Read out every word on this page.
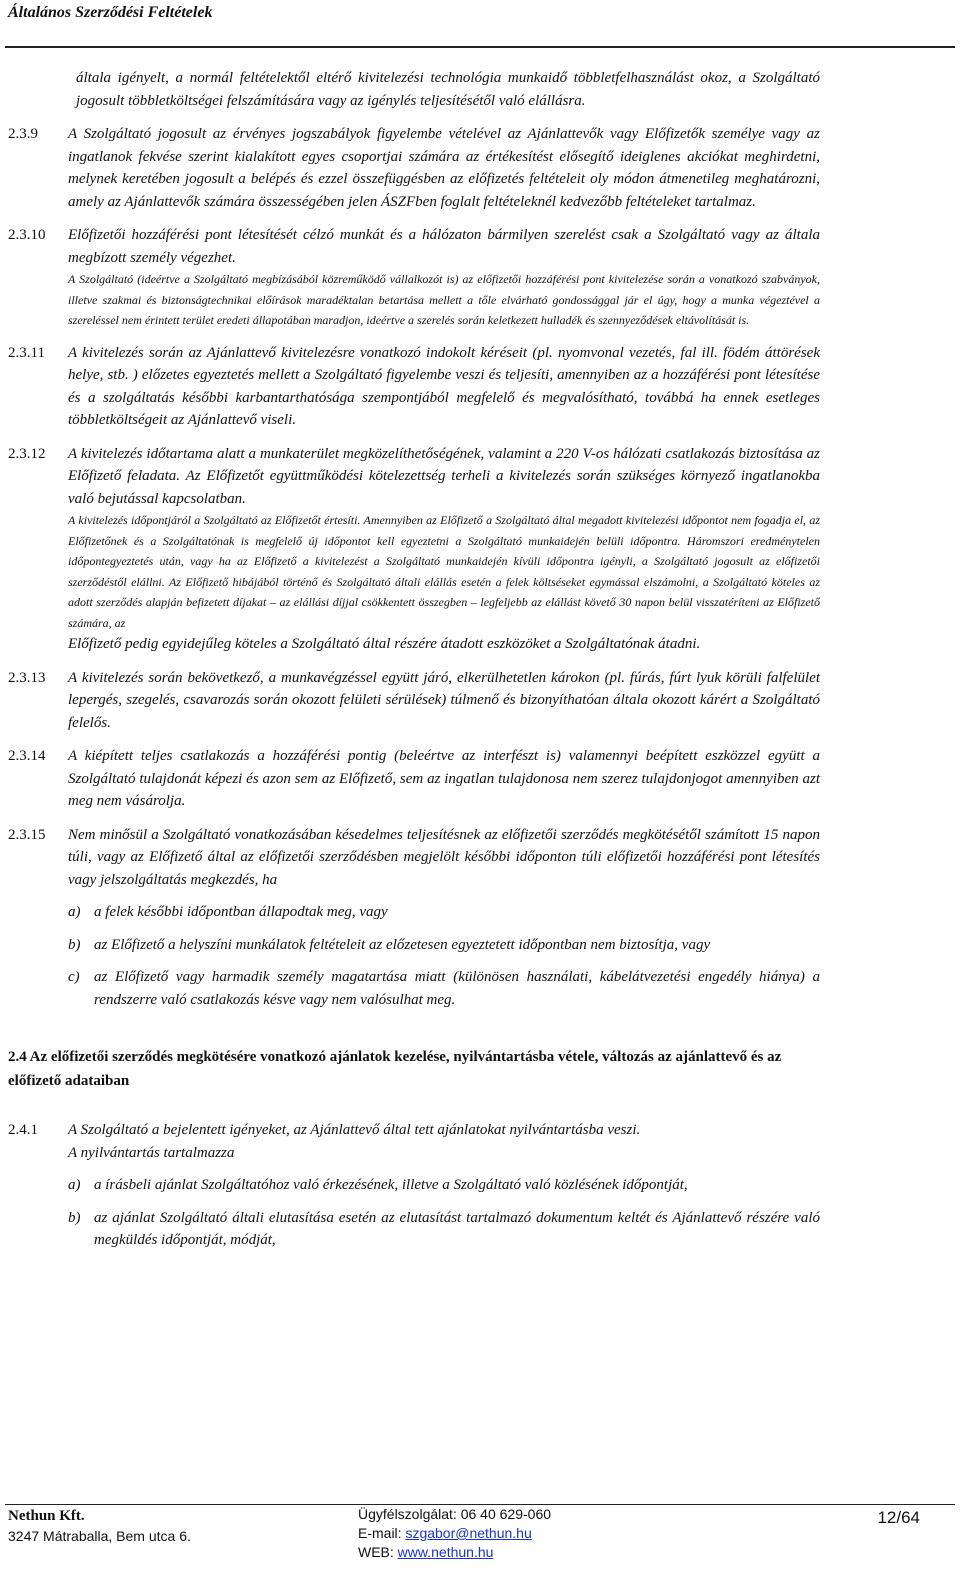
Általános Szerződési Feltételek

általa igényelt, a normál feltételektől eltérő kivitelezési technológia munkaidő többletfelhasználást okoz, a Szolgáltató jogosult többletköltségei felszámítására vagy az igénylés teljesítésétől való elállásra.

2.3.9	A Szolgáltató jogosult az érvényes jogszabályok figyelembe vételével az Ajánlattevők vagy Előfizetők személye vagy az ingatlanok fekvése szerint kialakított egyes csoportjai számára az értékesítést elősegítő ideiglenes akciókat meghirdetni, melynek keretében jogosult a belépés és ezzel összefüggésben az előfizetés feltételeit oly módon átmenetileg meghatározni, amely az Ajánlattevők számára összességében jelen ÁSZFben foglalt feltételeknél kedvezőbb feltételeket tartalmaz.

2.3.10	Előfizetői hozzáférési pont létesítését célzó munkát és a hálózaton bármilyen szerelést csak a Szolgáltató vagy az általa megbízott személy végezhet.

A Szolgáltató (ideértve a Szolgáltató megbízásából közreműködő vállalkozót is) az előfizetői hozzáférési pont kivitelezése során a vonatkozó szabványok, illetve szakmai és biztonságtechnikai előírások maradéktalan betartása mellett a tőle elvárható gondossággal jár el úgy, hogy a munka végeztével a szereléssel nem érintett terület eredeti állapotában maradjon, ideértve a szerelés során keletkezett hulladék és szennyeződések eltávolítását is.

2.3.11	A kivitelezés során az Ajánlattevő kivitelezésre vonatkozó indokolt kéréseit (pl. nyomvonal vezetés, fal ill. födém áttörések helye, stb. ) előzetes egyeztetés mellett a Szolgáltató figyelembe veszi és teljesíti, amennyiben az a hozzáférési pont létesítése és a szolgáltatás későbbi karbantarthatósága szempontjából megfelelő és megvalósítható, továbbá ha ennek esetleges többletköltségeit az Ajánlattevő viseli.

2.3.12	A kivitelezés időtartama alatt a munkaterület megközelíthetőségének, valamint a 220 V-os hálózati csatlakozás biztosítása az Előfizető feladata. Az Előfizetőt együttműködési kötelezettség terheli a kivitelezés során szükséges környező ingatlanokba való bejutással kapcsolatban.

A kivitelezés időpontjáról a Szolgáltató az Előfizetőt értesíti. Amennyiben az Előfizető a Szolgáltató által megadott kivitelezési időpontot nem fogadja el, az Előfizetőnek és a Szolgáltatónak is megfelelő új időpontot kell egyeztetni a Szolgáltató munkaidején belüli időpontra. Háromszori eredménytelen időpontegyeztetés után, vagy ha az Előfizető a kivitelezést a Szolgáltató munkaidején kívüli időpontra igényli, a Szolgáltató jogosult az előfizetői szerződéstől elállni. Az Előfizető hibájából történő és Szolgáltató általi elállás esetén a felek költséseket egymással elszámolni, a Szolgáltató köteles az adott szerződés alapján befizetett díjakat – az elállási díjjal csökkentett összegben – legfeljebb az elállást követő 30 napon belül visszatéríteni az Előfizető számára, az

Előfizető pedig egyidejűleg köteles a Szolgáltató által részére átadott eszközöket a Szolgáltatónak átadni.

2.3.13	A kivitelezés során bekövetkező, a munkavégzéssel együtt járó, elkerülhetetlen károkon (pl. fúrás, fúrt lyuk körüli falfelület lepergés, szegelés, csavarozás során okozott felületi sérülések) túlmenő és bizonyíthatóan általa okozott kárért a Szolgáltató felelős.

2.3.14	A kiépített teljes csatlakozás a hozzáférési pontig (beleértve az interfészt is) valamennyi beépített eszközzel együtt a Szolgáltató tulajdonát képezi és azon sem az Előfizető, sem az ingatlan tulajdonosa nem szerez tulajdonjogot amennyiben azt meg nem vásárolja.

2.3.15	Nem minősül a Szolgáltató vonatkozásában késedelmes teljesítésnek az előfizetői szerződés megkötésétől számított 15 napon túli, vagy az Előfizető által az előfizetői szerződésben megjelölt későbbi időponton túli előfizetői hozzáférési pont létesítés vagy jelszolgáltatás megkezdés, ha

a) a felek későbbi időpontban állapodtak meg, vagy

b) az Előfizető a helyszíni munkálatok feltételeit az előzetesen egyeztetett időpontban nem biztosítja, vagy

c) az Előfizető vagy harmadik személy magatartása miatt (különösen használati, kábelátvezetési engedély hiánya) a rendszerre való csatlakozás késve vagy nem valósulhat meg.

2.4 Az előfizetői szerződés megkötésére vonatkozó ajánlatok kezelése, nyilvántartásba vétele, változás az ajánlattevő és az előfizető adataiban
2.4.1	A Szolgáltató a bejelentett igényeket, az Ajánlattevő által tett ajánlatokat nyilvántartásba veszi.

A nyilvántartás tartalmazza

a) a írásbeli ajánlat Szolgáltatóhoz való érkezésének, illetve a Szolgáltató való közlésének időpontját,

b) az ajánlat Szolgáltató általi elutasítása esetén az elutasítást tartalmazó dokumentum keltét és Ajánlattevő részére való megküldés időpontját, módját,

Nethun Kft.
3247 Mátraballa, Bem utca 6.
Ügyfélszolgálat: 06 40 629-060
E-mail: szgabor@nethun.hu
WEB: www.nethun.hu
12/64
